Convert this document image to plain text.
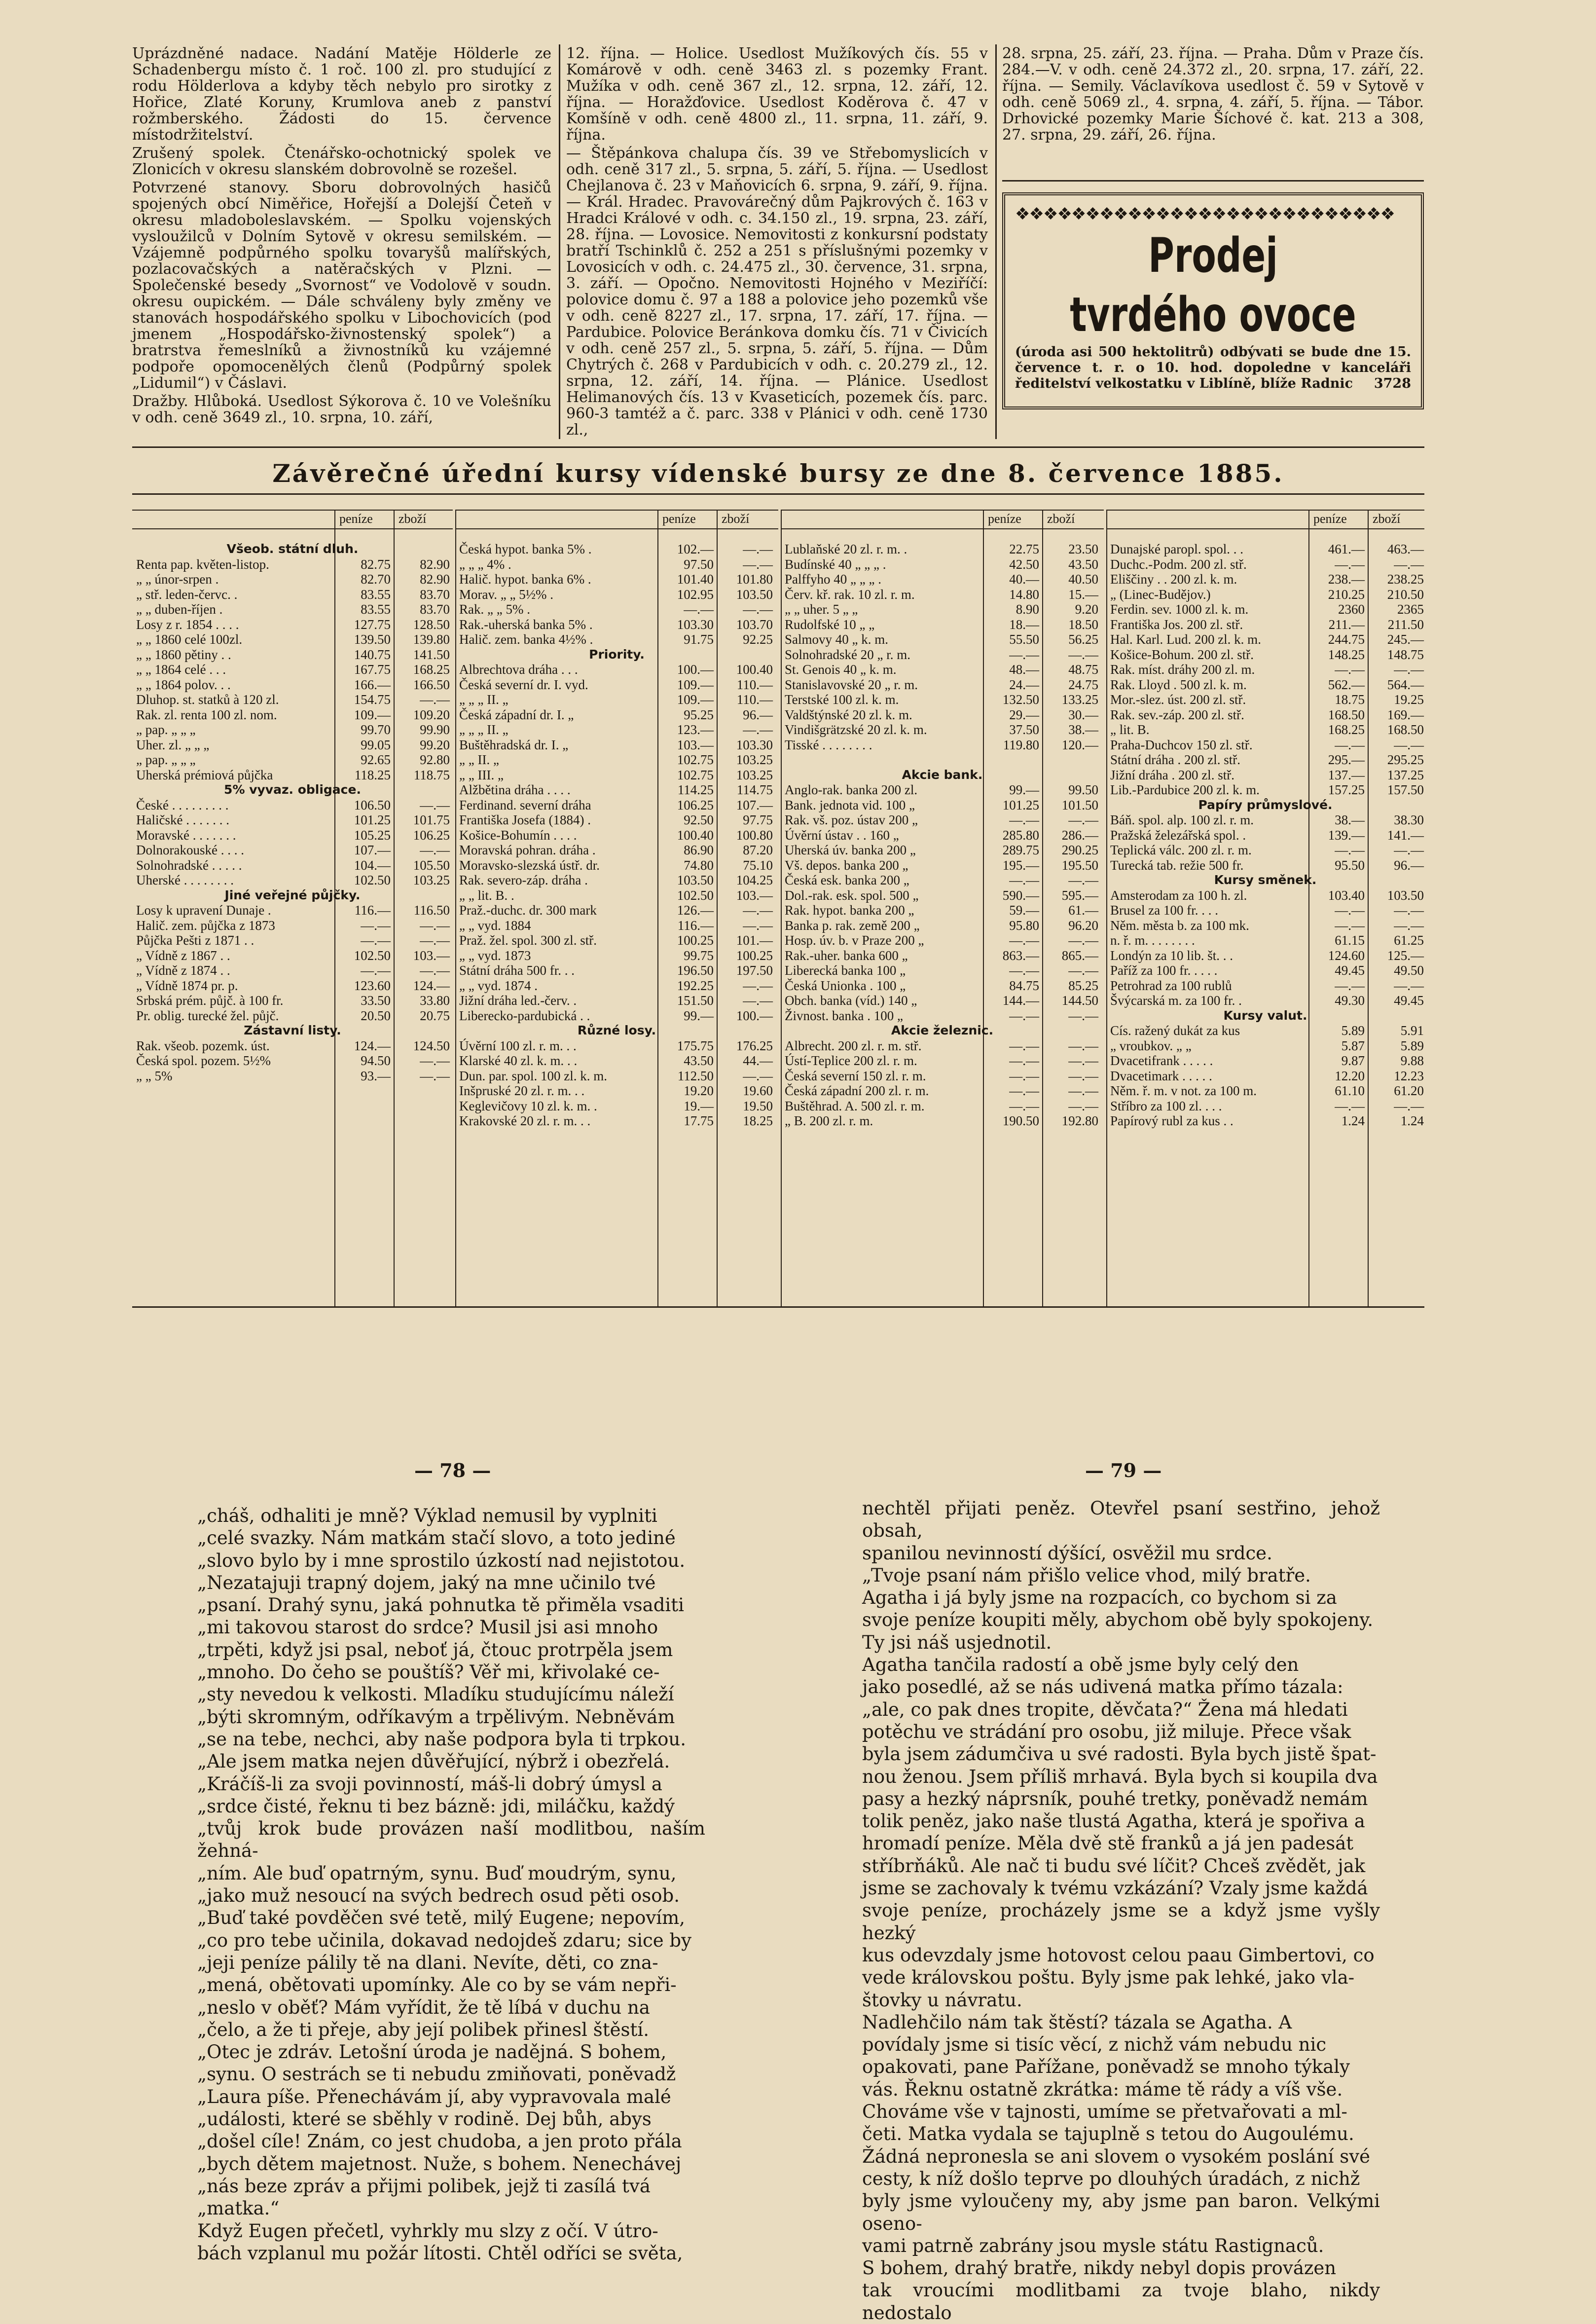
Uprázdněné nadace. Nadání Matěje Hölderle ze Schadenbergu místo č. 1 roč. 100 zl. pro studující z rodu Hölderlova a kdyby těch nebylo pro sirotky z Hořice, Zlaté Koruny, Krumlova aneb z panství rožmberského. Žádosti do 15. července místodržitelství.

Zrušený spolek. Čtenářsko-ochotnický spolek ve Zlonicích v okresu slanském dobrovolně se rozešel.

Potvrzené stanovy. Sboru dobrovolných hasičů spojených obcí Niměřice, Hořejší a Dolejší Četeň v okresu mladoboleslavském. — Spolku vojenských vysloužilců v Dolním Sytově v okresu semilském. — Vzájemně podpůrného spolku tovaryšů malířských, pozlacovačských a natěračských v Plzni. — Společenské besedy „Svornost“ ve Vodolově v soudn. okresu oupickém. — Dále schváleny byly změny ve stanovách hospodářského spolku v Libochovicích (pod jmenem „Hospodářsko-živnostenský spolek“) a bratrstva řemeslníků a živnostníků ku vzájemné podpoře opomocenělých členů (Podpůrný spolek „Lidumil“) v Čáslavi.

Dražby. Hlůboká. Usedlost Sýkorova č. 10 ve Volešníku v odh. ceně 3649 zl., 10. srpna, 10. září,

12. října. — Holice. Usedlost Mužíkových čís. 55 v Komárově v odh. ceně 3463 zl. s pozemky Frant. Mužíka v odh. ceně 367 zl., 12. srpna, 12. září, 12. října. — Horažďovice. Usedlost Koděrova č. 47 v Komšíně v odh. ceně 4800 zl., 11. srpna, 11. září, 9. října.

— Štěpánkova chalupa čís. 39 ve Střebomyslicích v odh. ceně 317 zl., 5. srpna, 5. září, 5. října. — Usedlost Chejlanova č. 23 v Maňovicích 6. srpna, 9. září, 9. října. — Král. Hradec. Pravovárečný dům Pajkrových č. 163 v Hradci Králové v odh. c. 34.150 zl., 19. srpna, 23. září, 28. října. — Lovosice. Nemovitosti z konkursní podstaty bratří Tschinklů č. 252 a 251 s příslušnými pozemky v Lovosicích v odh. c. 24.475 zl., 30. července, 31. srpna, 3. září. — Opočno. Nemovitosti Hojného v Meziříčí: polovice domu č. 97 a 188 a polovice jeho pozemků vše v odh. ceně 8227 zl., 17. srpna, 17. září, 17. října. — Pardubice. Polovice Beránkova domku čís. 71 v Čivicích v odh. ceně 257 zl., 5. srpna, 5. září, 5. října. — Dům Chytrých č. 268 v Pardubicích v odh. c. 20.279 zl., 12. srpna, 12. září, 14. října. — Plánice. Usedlost Helimanových čís. 13 v Kvaseticích, pozemek čís. parc. 960-3 tamtéž a č. parc. 338 v Plánici v odh. ceně 1730 zl.,

28. srpna, 25. září, 23. října. — Praha. Dům v Praze čís. 284.—V. v odh. ceně 24.372 zl., 20. srpna, 17. září, 22. října. — Semily. Václavíkova usedlost č. 59 v Sytově v odh. ceně 5069 zl., 4. srpna, 4. září, 5. října. — Tábor. Drhovické pozemky Marie Šíchové č. kat. 213 a 308, 27. srpna, 29. září, 26. října.

❖❖❖❖❖❖❖❖❖❖❖❖❖❖❖❖❖❖❖❖❖❖❖❖❖❖❖
Prodej tvrdého ovoce
(úroda asi 500 hektolitrů) odbývati se bude dne 15. července t. r. o 10. hod. dopoledne v kanceláři ředitelství velkostatku v Liblíně, blíže Radnic 3728
Závěrečné úřední kursy vídenské bursy ze dne 8. července 1885.
peníze zboží
Všeob. státní dluh.
Renta pap. květen-listop.	82.75	82.90
„ „ únor-srpen .	82.70	82.90
„ stř. leden-červc. .	83.55	83.70
„ „ duben-říjen .	83.55	83.70
Losy z r. 1854 . . . .	127.75	128.50
„ „ 1860 celé 100zl.	139.50	139.80
„ „ 1860 pětiny . .	140.75	141.50
„ „ 1864 celé . . .	167.75	168.25
„ „ 1864 polov. . .	166.—	166.50
Dluhop. st. statků à 120 zl.	154.75	—.—
Rak. zl. renta 100 zl. nom.	109.—	109.20
„ pap. „ „ „	99.70	99.90
Uher. zl. „ „ „	99.05	99.20
„ pap. „ „ „	92.65	92.80
Uherská prémiová půjčka	118.25	118.75
5% vyvaz. obligace.
České . . . . . . . . .	106.50	—.—
Haličské . . . . . . .	101.25	101.75
Moravské . . . . . . .	105.25	106.25
Dolnorakouské . . . .	107.—	—.—
Solnohradské . . . . .	104.—	105.50
Uherské . . . . . . . .	102.50	103.25
Jiné veřejné půjčky.
Losy k upravení Dunaje .	116.—	116.50
Halič. zem. půjčka z 1873	—.—	—.—
Půjčka Pešti z 1871 . .	—.—	—.—
„ Vídně z 1867 . .	102.50	103.—
„ Vídně z 1874 . .	—.—	—.—
„ Vídně 1874 pr. p.	123.60	124.—
Srbská prém. půjč. à 100 fr.	33.50	33.80
Pr. oblig. turecké žel. půjč.	20.50	20.75
Zástavní listy.
Rak. všeob. pozemk. úst.	124.—	124.50
Česká spol. pozem. 5½%	94.50	—.—
„ „ 5%	93.—	—.—
peníze zboží
Česká hypot. banka 5% .	102.—	—.—
„ „ „ 4% .	97.50	—.—
Halič. hypot. banka 6% .	101.40	101.80
Morav. „ „ 5½% .	102.95	103.50
Rak. „ „ 5% .	—.—	—.—
Rak.-uherská banka 5% .	103.30	103.70
Halič. zem. banka 4½% .	91.75	92.25
Priority.
Albrechtova dráha . . .	100.—	100.40
Česká severní dr. I. vyd.	109.—	110.—
„ „ „ II. „	109.—	110.—
Česká západní dr. I. „	95.25	96.—
„ „ „ II. „	123.—	—.—
Buštěhradská dr. I. „	103.—	103.30
„ „ II. „	102.75	103.25
„ „ III. „	102.75	103.25
Alžbětina dráha . . . .	114.25	114.75
Ferdinand. severní dráha	106.25	107.—
Františka Josefa (1884) .	92.50	97.75
Košice-Bohumín . . . .	100.40	100.80
Moravská pohran. dráha .	86.90	87.20
Moravsko-slezská ústř. dr.	74.80	75.10
Rak. severo-záp. dráha .	103.50	104.25
„ „ lit. B. .	102.50	103.—
Praž.-duchc. dr. 300 mark	126.—	—.—
„ „ vyd. 1884	116.—	—.—
Praž. žel. spol. 300 zl. stř.	100.25	101.—
„ „ vyd. 1873	99.75	100.25
Státní dráha 500 fr. . .	196.50	197.50
„ „ vyd. 1874 .	192.25	—.—
Jižní dráha led.-červ. .	151.50	—.—
Liberecko-pardubická . .	99.—	100.—
Různé losy.
Úvěrní 100 zl. r. m. . .	175.75	176.25
Klarské 40 zl. k. m. . .	43.50	44.—
Dun. par. spol. 100 zl. k. m.	112.50	—.—
Inšpruské 20 zl. r. m. . .	19.20	19.60
Keglevičovy 10 zl. k. m. .	19.—	19.50
Krakovské 20 zl. r. m. . .	17.75	18.25
peníze zboží
Lublaňské 20 zl. r. m. .	22.75	23.50
Budínské 40 „ „ „ .	42.50	43.50
Palffyho 40 „ „ „ .	40.—	40.50
Červ. kř. rak. 10 zl. r. m.	14.80	15.—
„ „ uher. 5 „ „	8.90	9.20
Rudolfské 10 „ „	18.—	18.50
Salmovy 40 „ k. m.	55.50	56.25
Solnohradské 20 „ r. m.	—.—	—.—
St. Genois 40 „ k. m.	48.—	48.75
Stanislavovské 20 „ r. m.	24.—	24.75
Terstské 100 zl. k. m.	132.50	133.25
Valdštýnské 20 zl. k. m.	29.—	30.—
Vindišgrätzské 20 zl. k. m.	37.50	38.—
Tisské . . . . . . . .	119.80	120.—
Akcie bank.
Anglo-rak. banka 200 zl.	99.—	99.50
Bank. jednota vid. 100 „	101.25	101.50
Rak. vš. poz. ústav 200 „	—.—	—.—
Úvěrní ústav . . 160 „	285.80	286.—
Uherská úv. banka 200 „	289.75	290.25
Vš. depos. banka 200 „	195.—	195.50
Česká esk. banka 200 „	—.—	—.—
Dol.-rak. esk. spol. 500 „	590.—	595.—
Rak. hypot. banka 200 „	59.—	61.—
Banka p. rak. země 200 „	95.80	96.20
Hosp. úv. b. v Praze 200 „	—.—	—.—
Rak.-uher. banka 600 „	863.—	865.—
Liberecká banka 100 „	—.—	—.—
Česká Unionka . 100 „	84.75	85.25
Obch. banka (víd.) 140 „	144.—	144.50
Živnost. banka . 100 „	—.—	—.—
Akcie železnic.
Albrecht. 200 zl. r. m. stř.	—.—	—.—
Ústí-Teplice 200 zl. r. m.	—.—	—.—
Česká severní 150 zl. r. m.	—.—	—.—
Česká západní 200 zl. r. m.	—.—	—.—
Buštěhrad. A. 500 zl. r. m.	—.—	—.—
„ B. 200 zl. r. m.	190.50	192.80
peníze zboží
Dunajské paropl. spol. . .	461.—	463.—
Duchc.-Podm. 200 zl. stř.	—.—	—.—
Eliščiny . . 200 zl. k. m.	238.—	238.25
„ (Linec-Budějov.)	210.25	210.50
Ferdin. sev. 1000 zl. k. m.	2360	2365
Františka Jos. 200 zl. stř.	211.—	211.50
Hal. Karl. Lud. 200 zl. k. m.	244.75	245.—
Košice-Bohum. 200 zl. stř.	148.25	148.75
Rak. míst. dráhy 200 zl. m.	—.—	—.—
Rak. Lloyd . 500 zl. k. m.	562.—	564.—
Mor.-slez. úst. 200 zl. stř.	18.75	19.25
Rak. sev.-záp. 200 zl. stř.	168.50	169.—
„ lit. B.	168.25	168.50
Praha-Duchcov 150 zl. stř.	—.—	—.—
Státní dráha . 200 zl. stř.	295.—	295.25
Jižní dráha . 200 zl. stř.	137.—	137.25
Lib.-Pardubice 200 zl. k. m.	157.25	157.50
Papíry průmyslové.
Báň. spol. alp. 100 zl. r. m.	38.—	38.30
Pražská železářská spol. .	139.—	141.—
Teplická válc. 200 zl. r. m.	—.—	—.—
Turecká tab. režie 500 fr.	95.50	96.—
Kursy směnek.
Amsterodam za 100 h. zl.	103.40	103.50
Brusel za 100 fr. . . .	—.—	—.—
Něm. města b. za 100 mk.	—.—	—.—
n. ř. m. . . . . . . .	61.15	61.25
Londýn za 10 lib. št. . .	124.60	125.—
Paříž za 100 fr. . . . .	49.45	49.50
Petrohrad za 100 rublů	—.—	—.—
Švýcarská m. za 100 fr. .	49.30	49.45
Kursy valut.
Cís. ražený dukát za kus	5.89	5.91
„ vroubkov. „ „	5.87	5.89
Dvacetifrank . . . . .	9.87	9.88
Dvacetimark . . . . .	12.20	12.23
Něm. ř. m. v not. za 100 m.	61.10	61.20
Stříbro za 100 zl. . . .	—.—	—.—
Papírový rubl za kus . .	1.24	1.24
— 78 —	— 79 —

„cháš, odhaliti je mně? Výklad nemusil by vyplniti

„celé svazky. Nám matkám stačí slovo, a toto jediné

„slovo bylo by i mne sprostilo úzkostí nad nejistotou.

„Nezatajuji trapný dojem, jaký na mne učinilo tvé

„psaní. Drahý synu, jaká pohnutka tě přiměla vsaditi

„mi takovou starost do srdce? Musil jsi asi mnoho

„trpěti, když jsi psal, neboť já, čtouc protrpěla jsem

„mnoho. Do čeho se pouštíš? Věř mi, křivolaké ce-

„sty nevedou k velkosti. Mladíku studujícímu náleží

„býti skromným, odříkavým a trpělivým. Nebněvám

„se na tebe, nechci, aby naše podpora byla ti trpkou.

„Ale jsem matka nejen důvěřující, nýbrž i obezřelá.

„Kráčíš-li za svoji povinností, máš-li dobrý úmysl a

„srdce čisté, řeknu ti bez bázně: jdi, miláčku, každý

„tvůj krok bude provázen naší modlitbou, naším žehná-

„ním. Ale buď opatrným, synu. Buď moudrým, synu,

„jako muž nesoucí na svých bedrech osud pěti osob.

„Buď také povděčen své tetě, milý Eugene; nepovím,

„co pro tebe učinila, dokavad nedojdeš zdaru; sice by

„jeji peníze pálily tě na dlani. Nevíte, děti, co zna-

„mená, obětovati upomínky. Ale co by se vám nepři-

„neslo v oběť? Mám vyřídit, že tě líbá v duchu na

„čelo, a že ti přeje, aby její polibek přinesl štěstí.

„Otec je zdráv. Letošní úroda je nadějná. S bohem,

„synu. O sestrách se ti nebudu zmiňovati, poněvadž

„Laura píše. Přenechávám jí, aby vypravovala malé

„události, které se sběhly v rodině. Dej bůh, abys

„došel cíle! Znám, co jest chudoba, a jen proto přála

„bych dětem majetnost. Nuže, s bohem. Nenechávej

„nás beze zpráv a přijmi polibek, jejž ti zasílá tvá

„matka.“

Když Eugen přečetl, vyhrkly mu slzy z očí. V útro-

bách vzplanul mu požár lítosti. Chtěl odříci se světa,

nechtěl přijati peněz. Otevřel psaní sestřino, jehož obsah,

spanilou nevinností dýšící, osvěžil mu srdce.

„Tvoje psaní nám přišlo velice vhod, milý bratře.

Agatha i já byly jsme na rozpacích, co bychom si za

svoje peníze koupiti měly, abychom obě byly spokojeny.

Ty jsi náš usjednotil.

Agatha tančila radostí a obě jsme byly celý den

jako posedlé, až se nás udivená matka přímo tázala:

„ale, co pak dnes tropite, děvčata?“ Žena má hledati

potěchu ve strádání pro osobu, již miluje. Přece však

byla jsem zádumčiva u své radosti. Byla bych jistě špat-

nou ženou. Jsem příliš mrhavá. Byla bych si koupila dva

pasy a hezký náprsník, pouhé tretky, poněvadž nemám

tolik peněz, jako naše tlustá Agatha, která je spořiva a

hromadí peníze. Měla dvě stě franků a já jen padesát

stříbrňáků. Ale nač ti budu své líčit? Chceš zvědět, jak

jsme se zachovaly k tvému vzkázání? Vzaly jsme každá

svoje peníze, procházely jsme se a když jsme vyšly hezký

kus odevzdaly jsme hotovost celou paau Gimbertovi, co

vede královskou poštu. Byly jsme pak lehké, jako vla-

štovky u návratu.

Nadlehčilo nám tak štěstí? tázala se Agatha. A

povídaly jsme si tisíc věcí, z nichž vám nebudu nic

opakovati, pane Pařížane, poněvadž se mnoho týkaly

vás. Řeknu ostatně zkrátka: máme tě rády a víš vše.

Chováme vše v tajnosti, umíme se přetvařovati a ml-

četi. Matka vydala se tajuplně s tetou do Augoulému.

Žádná nepronesla se ani slovem o vysokém poslání své

cesty, k níž došlo teprve po dlouhých úradách, z nichž

byly jsme vyloučeny my, aby jsme pan baron. Velkými oseno-

vami patrně zabrány jsou mysle státu Rastignaců.

S bohem, drahý bratře, nikdy nebyl dopis provázen

tak vroucími modlitbami za tvoje blaho, nikdy nedostalo
